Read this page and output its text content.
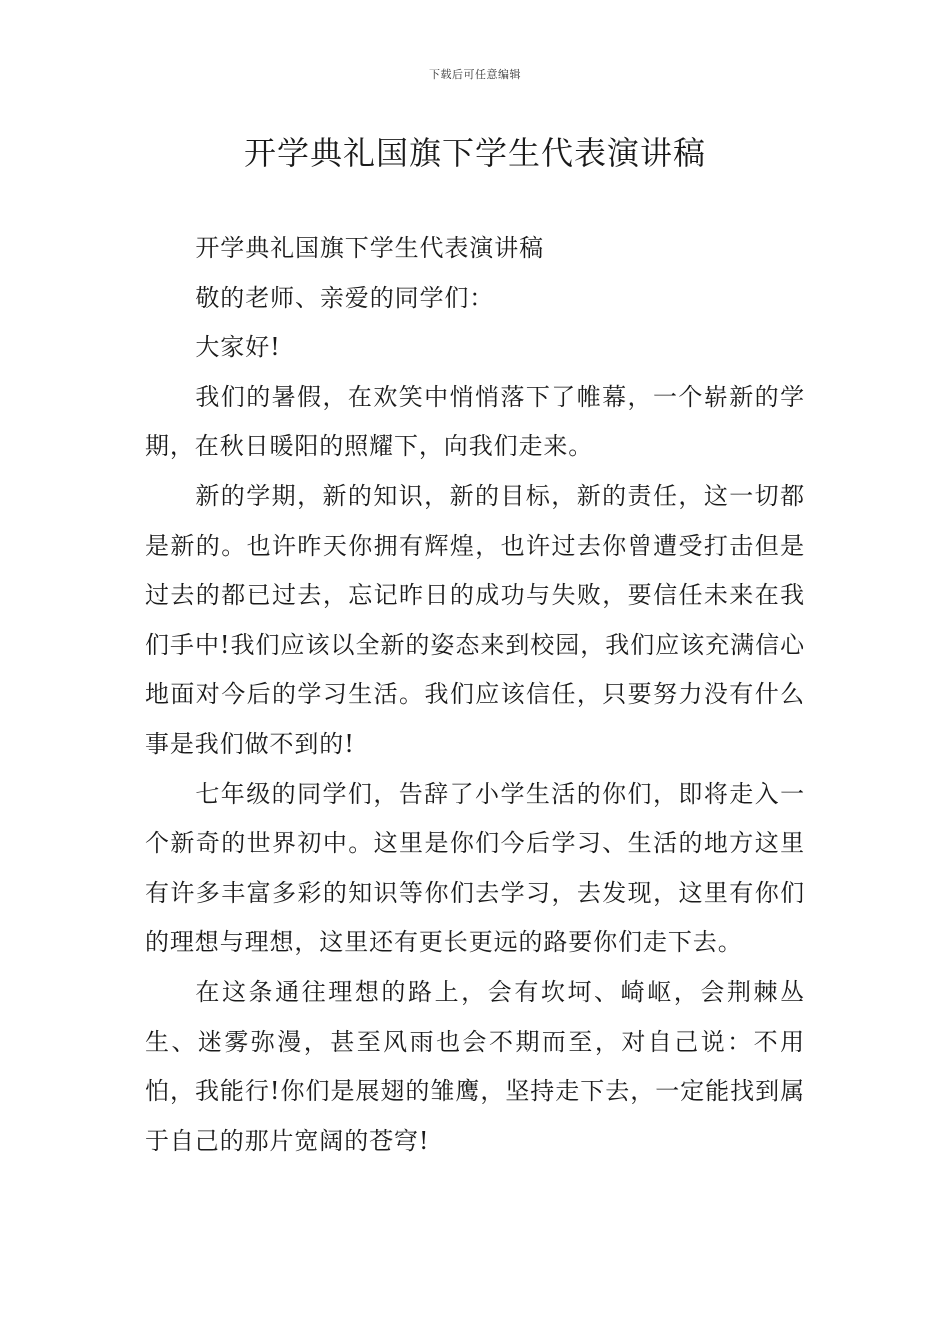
下载后可任意编辑
开学典礼国旗下学生代表演讲稿

开学典礼国旗下学生代表演讲稿

敬的老师、亲爱的同学们：

大家好!

我们的暑假，在欢笑中悄悄落下了帷幕，一个崭新的学期，在秋日暖阳的照耀下，向我们走来。

新的学期，新的知识，新的目标，新的责任，这一切都是新的。也许昨天你拥有辉煌，也许过去你曾遭受打击但是过去的都已过去，忘记昨日的成功与失败，要信任未来在我们手中!我们应该以全新的姿态来到校园，我们应该充满信心地面对今后的学习生活。我们应该信任，只要努力没有什么事是我们做不到的!

七年级的同学们，告辞了小学生活的你们，即将走入一个新奇的世界初中。这里是你们今后学习、生活的地方这里有许多丰富多彩的知识等你们去学习，去发现，这里有你们的理想与理想，这里还有更长更远的路要你们走下去。

在这条通往理想的路上，会有坎坷、崎岖，会荆棘丛生、迷雾弥漫，甚至风雨也会不期而至，对自己说：不用怕，我能行!你们是展翅的雏鹰，坚持走下去，一定能找到属于自己的那片宽阔的苍穹!
